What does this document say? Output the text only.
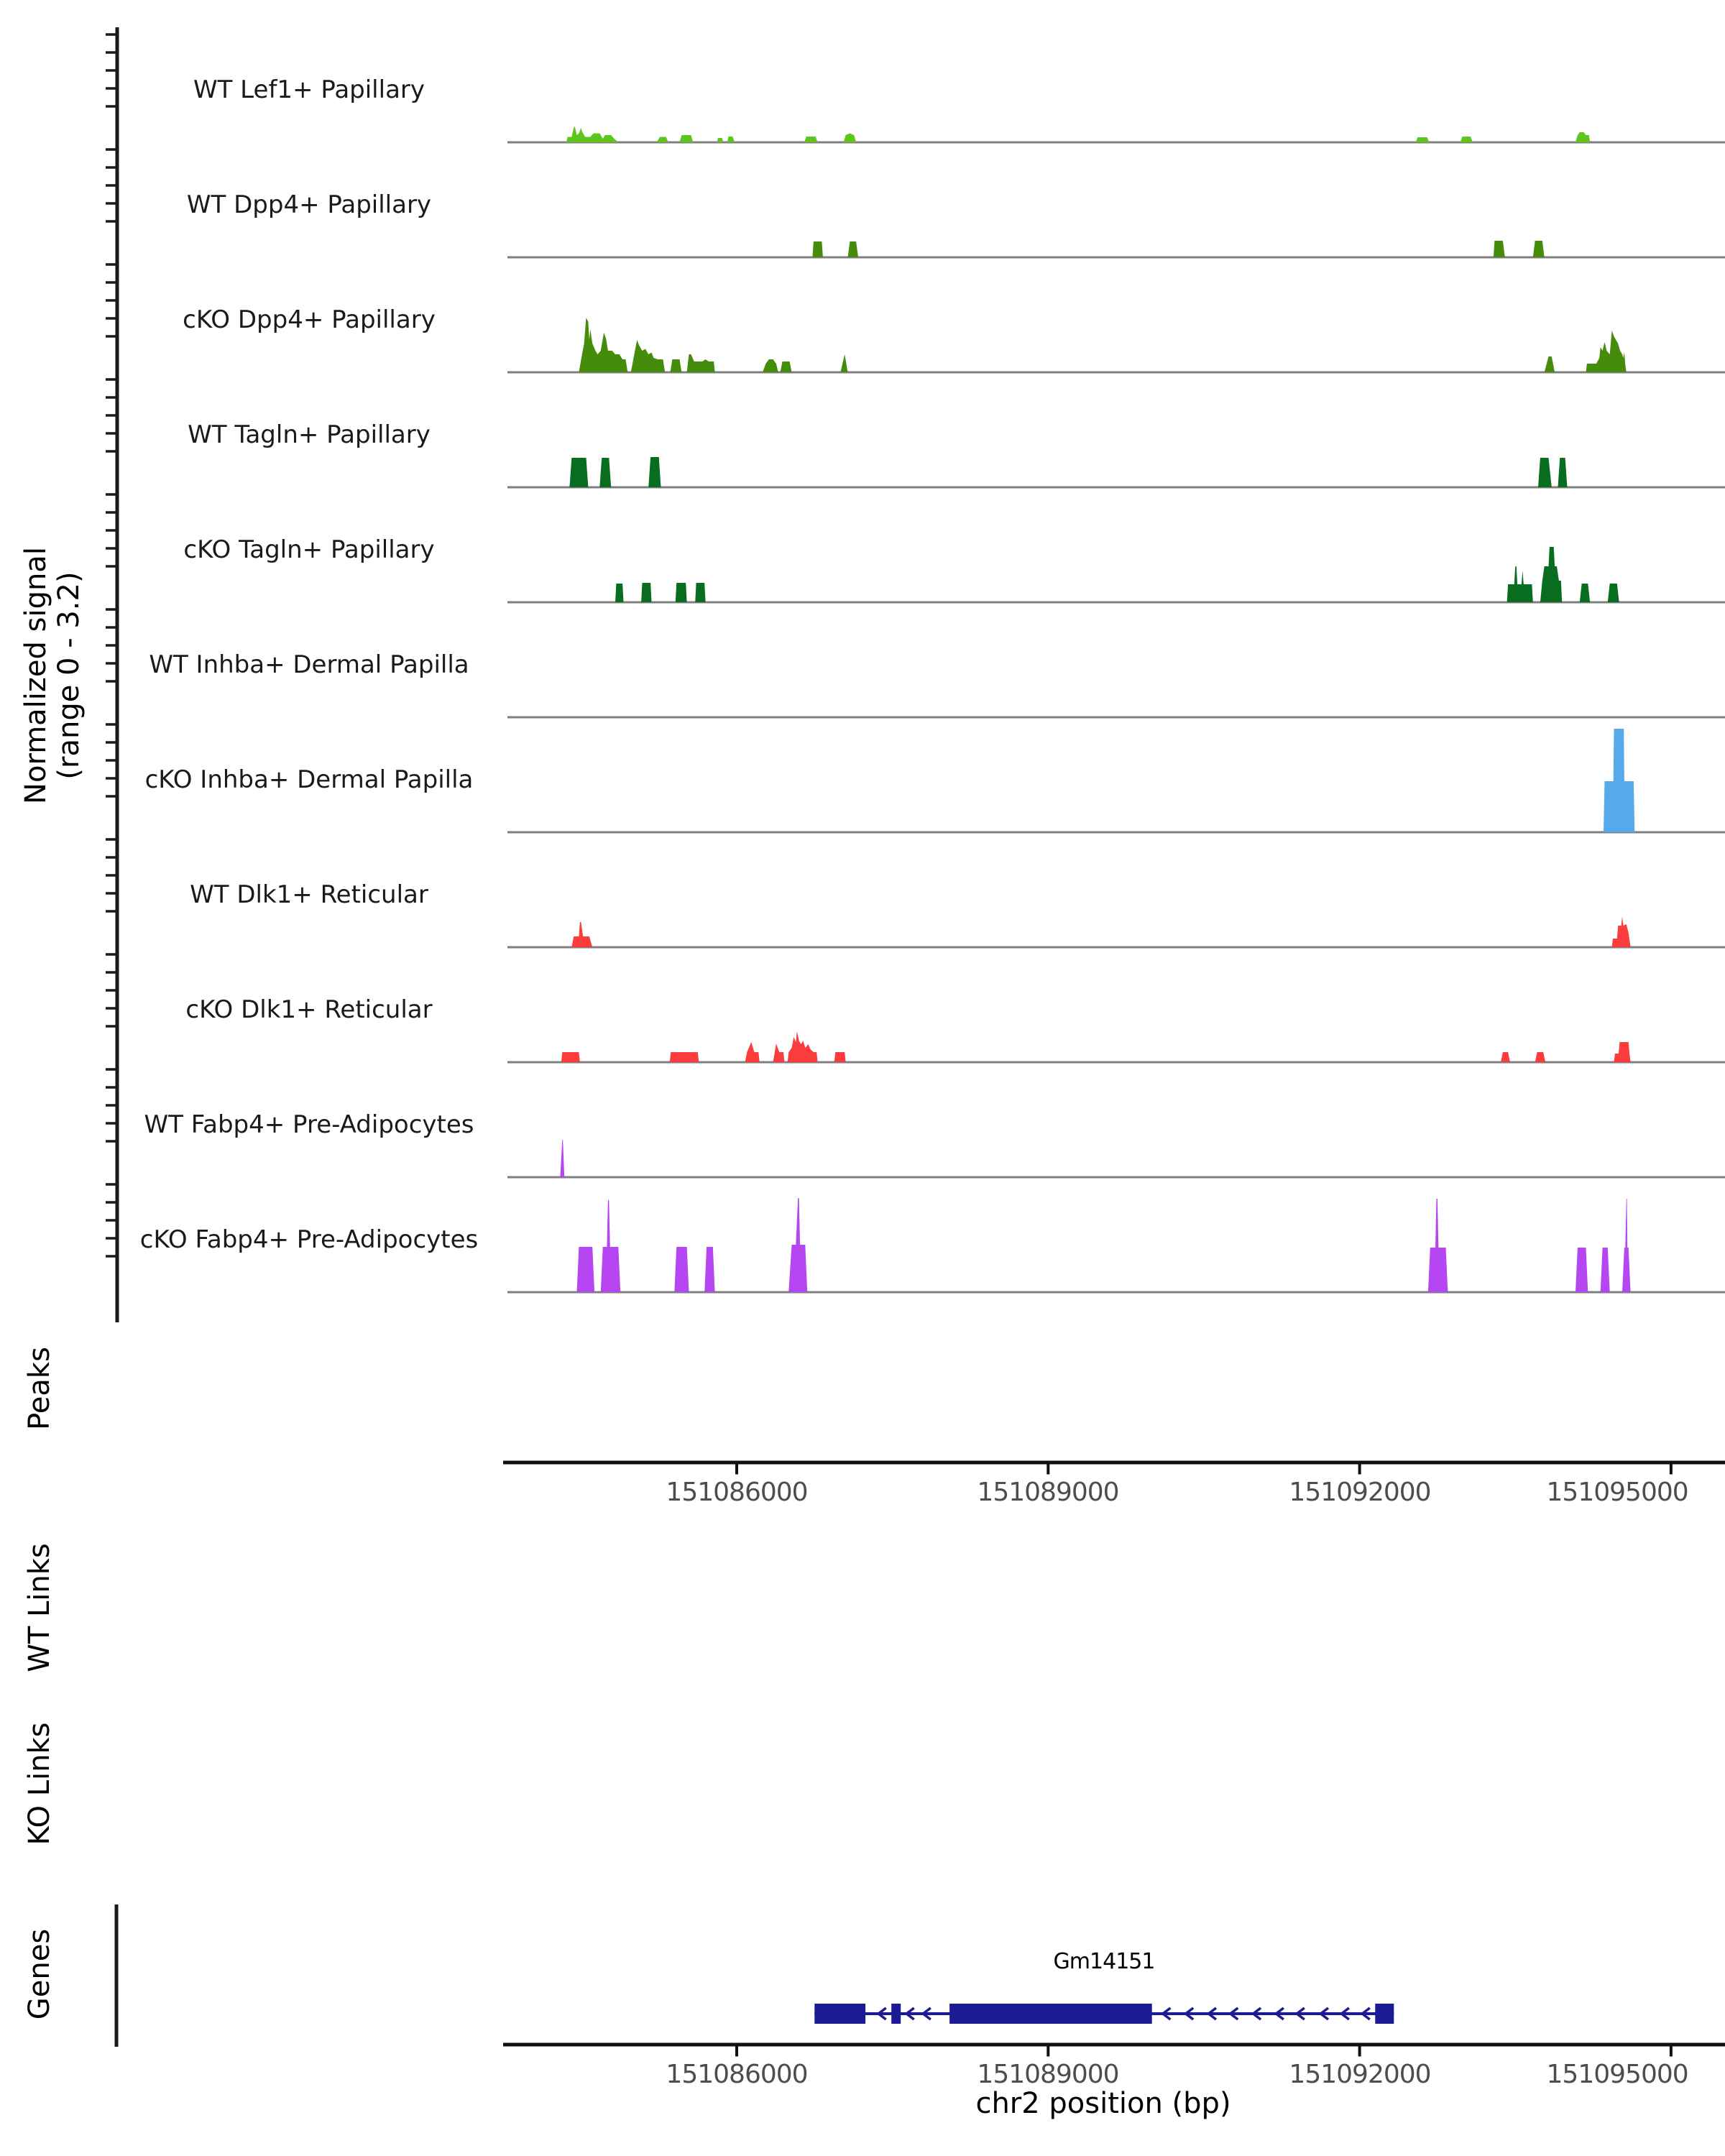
Normalized signal (range 0 - 3.2)
WT Lef1+ Papillary
WT Dpp4+ Papillary
cKO Dpp4+ Papillary
WT Tagln+ Papillary
cKO Tagln+ Papillary
WT Inhba+ Dermal Papilla
cKO Inhba+ Dermal Papilla
WT Dlk1+ Reticular
cKO Dlk1+ Reticular
WT Fabp4+ Pre-Adipocytes
cKO Fabp4+ Pre-Adipocytes
Peaks
WT Links
KO Links
Genes
151086000	151089000	151092000	151095000
Gm14151
151086000	151089000	151092000	151095000
chr2 position (bp)
